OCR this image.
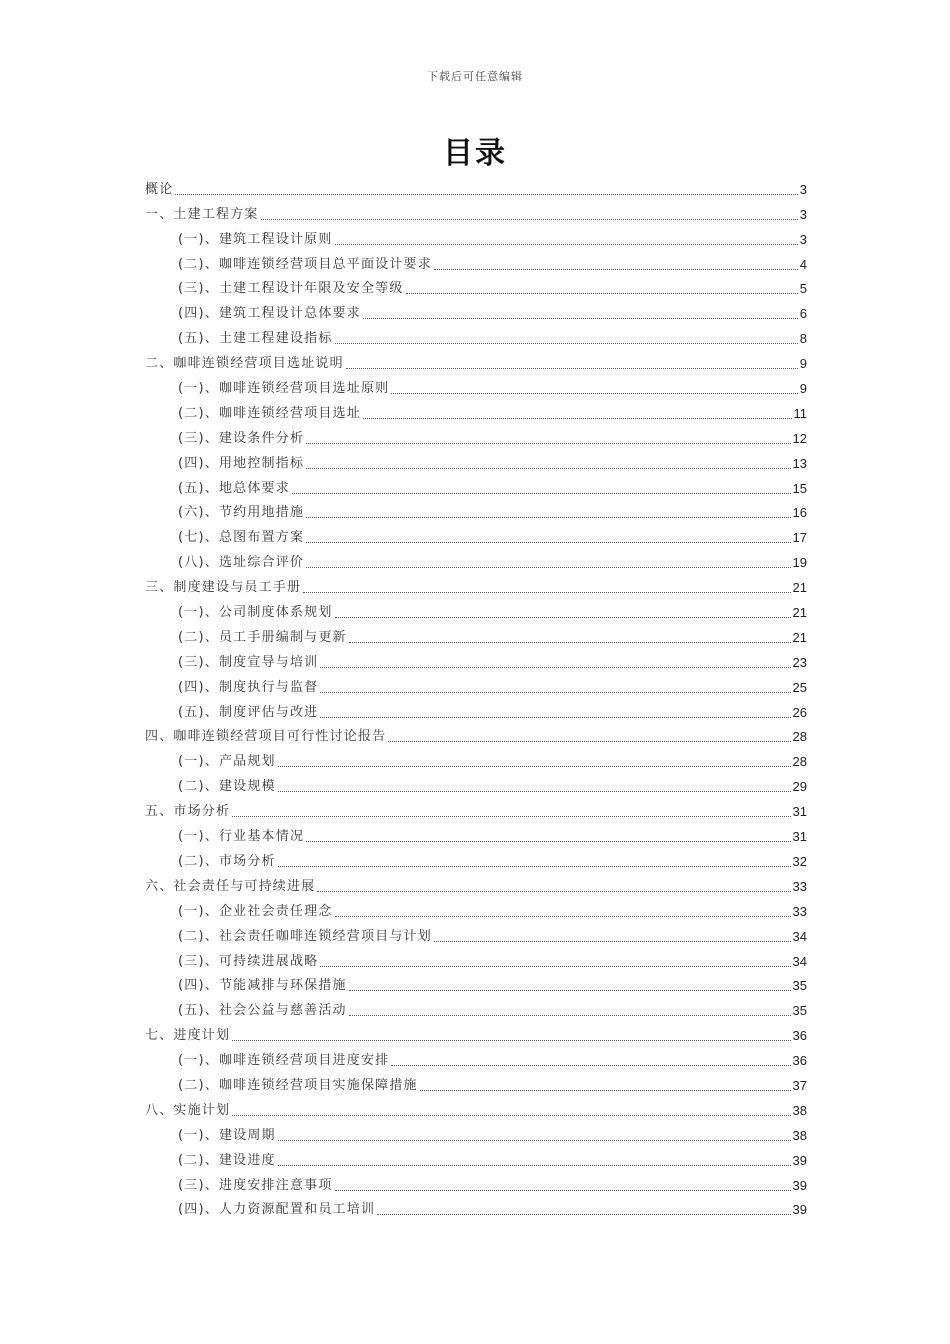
下载后可任意编辑
目录
概论	3
一、土建工程方案	3
(一)、建筑工程设计原则	3
(二)、咖啡连锁经营项目总平面设计要求	4
(三)、土建工程设计年限及安全等级	5
(四)、建筑工程设计总体要求	6
(五)、土建工程建设指标	8
二、咖啡连锁经营项目选址说明	9
(一)、咖啡连锁经营项目选址原则	9
(二)、咖啡连锁经营项目选址	11
(三)、建设条件分析	12
(四)、用地控制指标	13
(五)、地总体要求	15
(六)、节约用地措施	16
(七)、总图布置方案	17
(八)、选址综合评价	19
三、制度建设与员工手册	21
(一)、公司制度体系规划	21
(二)、员工手册编制与更新	21
(三)、制度宣导与培训	23
(四)、制度执行与监督	25
(五)、制度评估与改进	26
四、咖啡连锁经营项目可行性讨论报告	28
(一)、产品规划	28
(二)、建设规模	29
五、市场分析	31
(一)、行业基本情况	31
(二)、市场分析	32
六、社会责任与可持续进展	33
(一)、企业社会责任理念	33
(二)、社会责任咖啡连锁经营项目与计划	34
(三)、可持续进展战略	34
(四)、节能减排与环保措施	35
(五)、社会公益与慈善活动	35
七、进度计划	36
(一)、咖啡连锁经营项目进度安排	36
(二)、咖啡连锁经营项目实施保障措施	37
八、实施计划	38
(一)、建设周期	38
(二)、建设进度	39
(三)、进度安排注意事项	39
(四)、人力资源配置和员工培训	39
